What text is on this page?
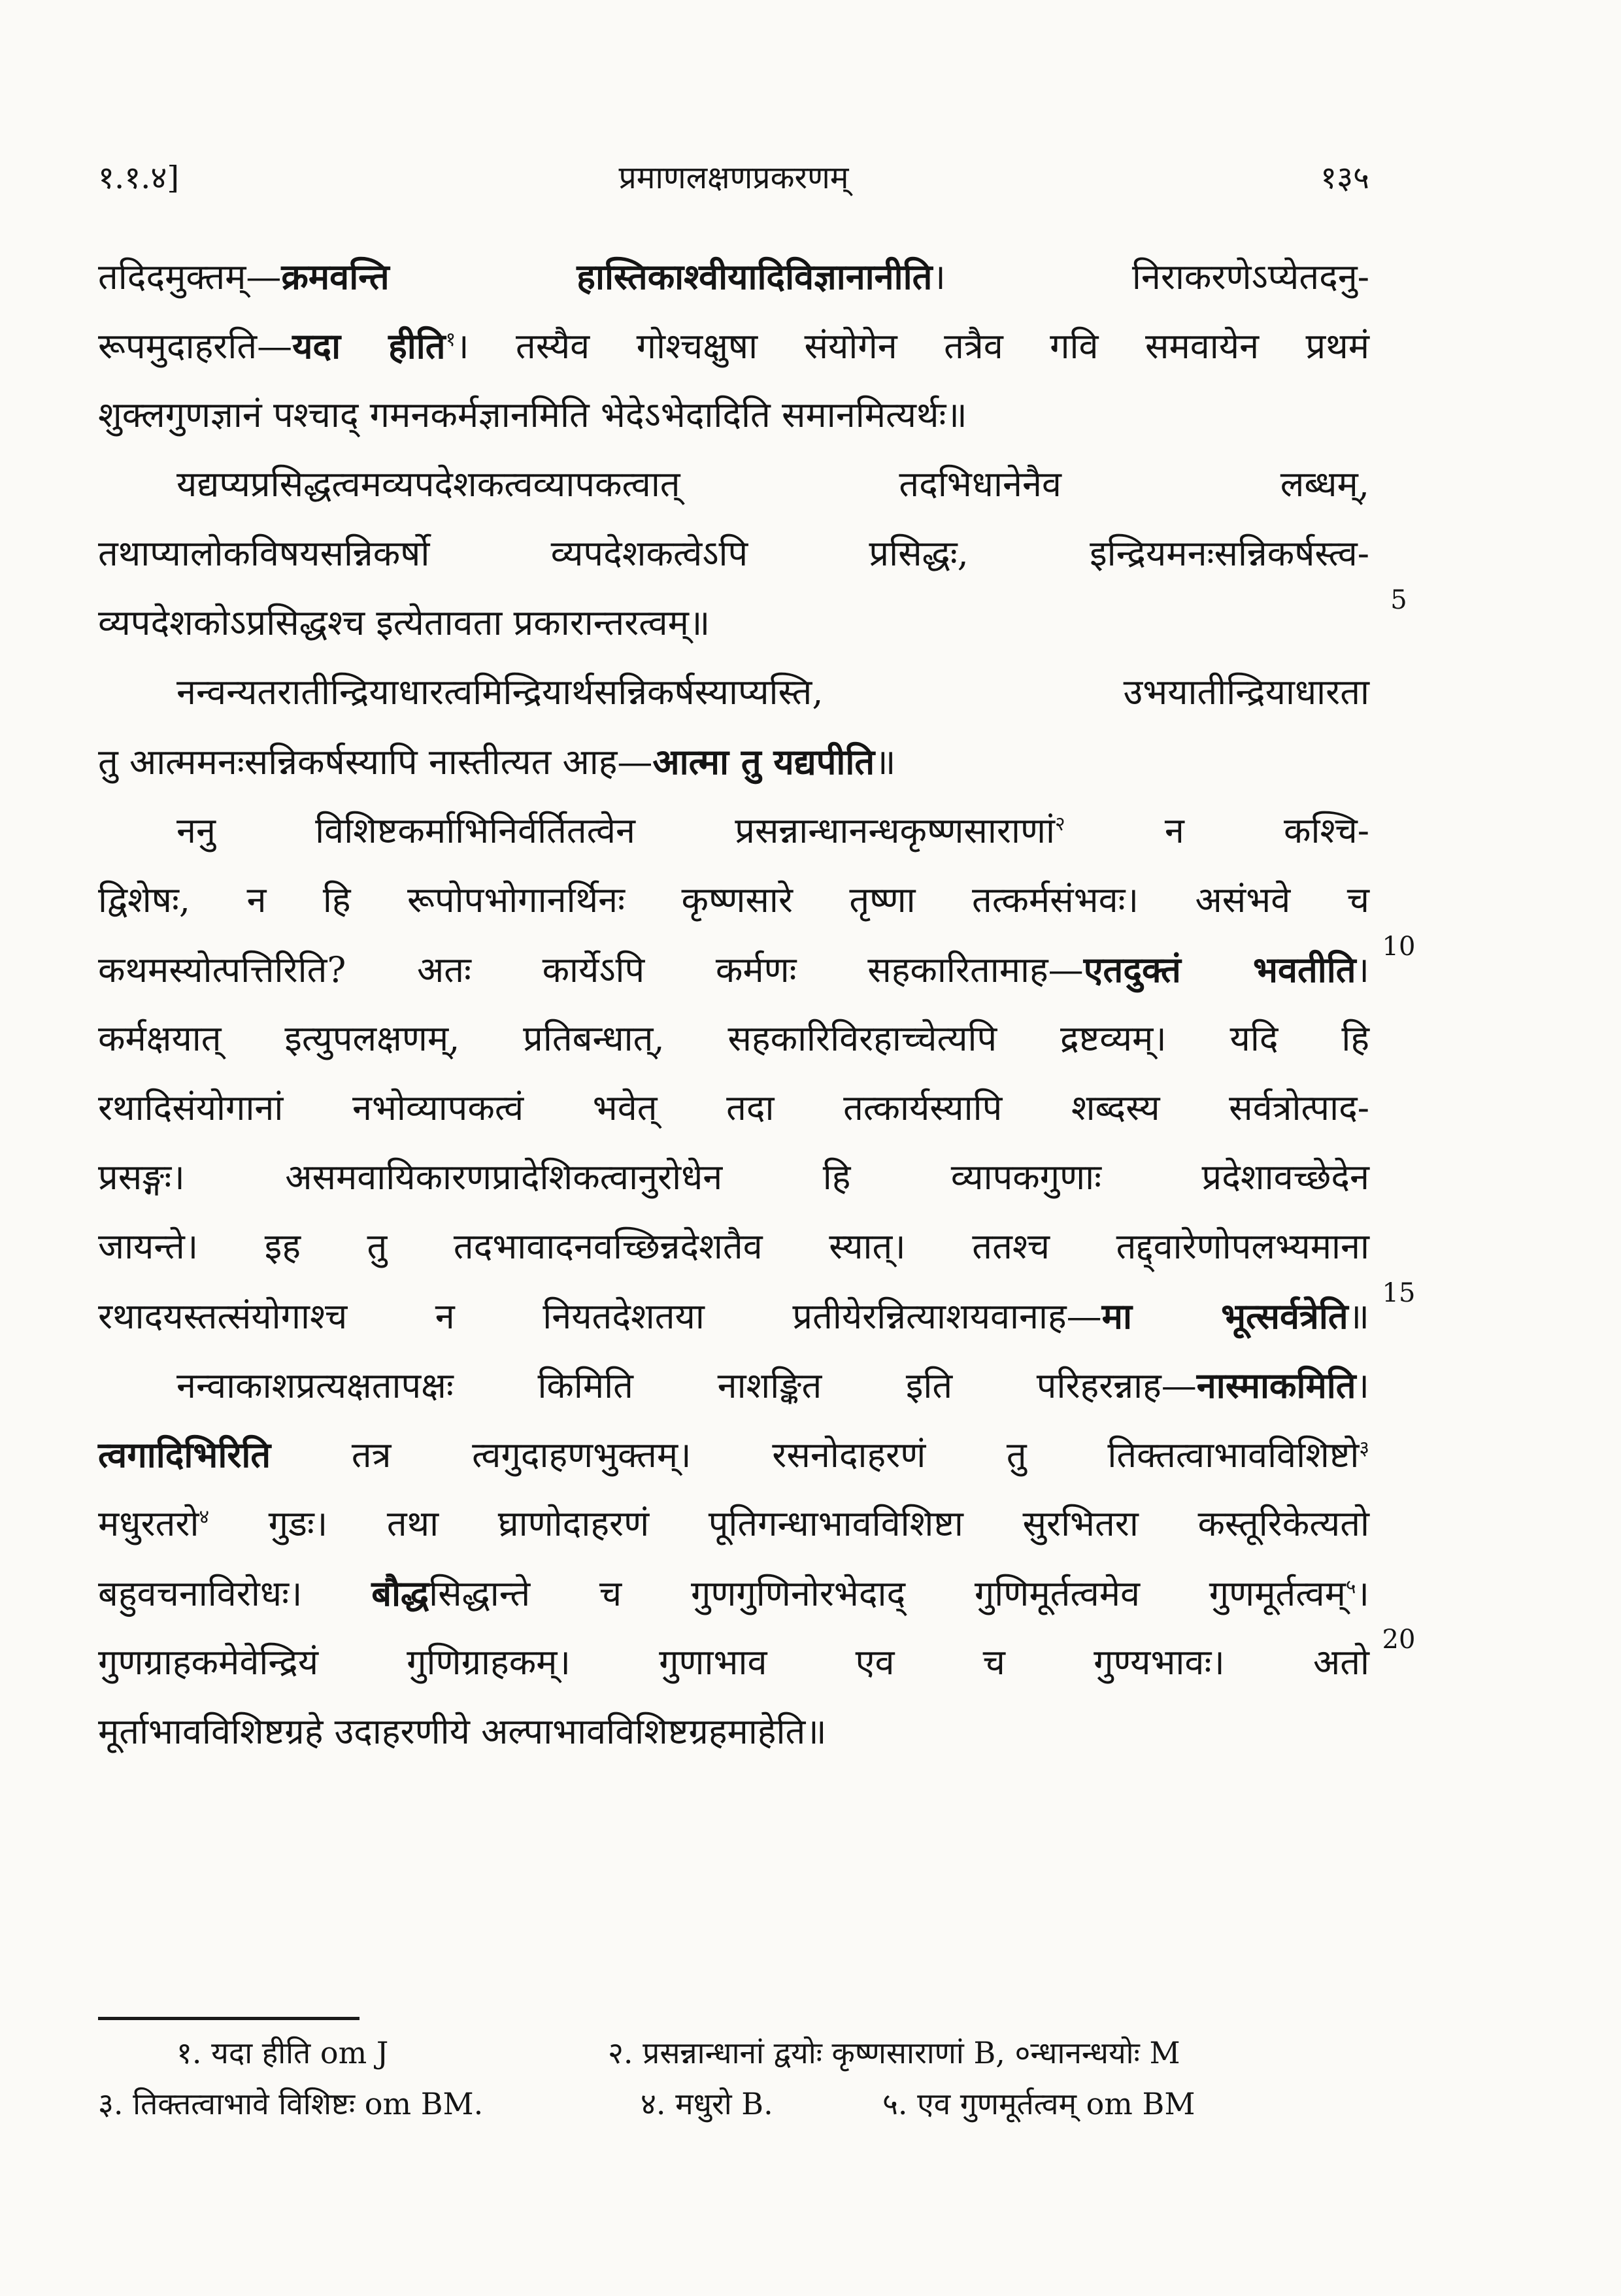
१.१.४]	प्रमाणलक्षणप्रकरणम्	१३५
तदिदमुक्तम्—क्रमवन्ति हास्तिकाश्वीयादिविज्ञानानीति। निराकरणेऽप्येतदनु-
रूपमुदाहरति—यदा हीति$^१$। तस्यैव गोश्चक्षुषा संयोगेन तत्रैव गवि समवायेन प्रथमं
शुक्लगुणज्ञानं पश्चाद् गमनकर्मज्ञानमिति भेदेऽभेदादिति समानमित्यर्थः॥
यद्यप्यप्रसिद्धत्वमव्यपदेशकत्वव्यापकत्वात् तदभिधानेनैव लब्धम्,
तथाप्यालोकविषयसन्निकर्षो व्यपदेशकत्वेऽपि प्रसिद्धः, इन्द्रियमनःसन्निकर्षस्त्व-
व्यपदेशकोऽप्रसिद्धश्च इत्येतावता प्रकारान्तरत्वम्॥
नन्वन्यतरातीन्द्रियाधारत्वमिन्द्रियार्थसन्निकर्षस्याप्यस्ति, उभयातीन्द्रियाधारता
तु आत्ममनःसन्निकर्षस्यापि नास्तीत्यत आह—आत्मा तु यद्यपीति॥
ननु विशिष्टकर्माभिनिर्वर्तितत्वेन प्रसन्नान्धानन्धकृष्णसाराणां$^२$ न कश्चि-
द्विशेषः, न हि रूपोपभोगानर्थिनः कृष्णसारे तृष्णा तत्कर्मसंभवः। असंभवे च
कथमस्योत्पत्तिरिति? अतः कार्येऽपि कर्मणः सहकारितामाह—एतदुक्तं भवतीति।
कर्मक्षयात् इत्युपलक्षणम्, प्रतिबन्धात्, सहकारिविरहाच्चेत्यपि द्रष्टव्यम्। यदि हि
रथादिसंयोगानां नभोव्यापकत्वं भवेत् तदा तत्कार्यस्यापि शब्दस्य सर्वत्रोत्पाद-
प्रसङ्गः। असमवायिकारणप्रादेशिकत्वानुरोधेन हि व्यापकगुणाः प्रदेशावच्छेदेन
जायन्ते। इह तु तदभावादनवच्छिन्नदेशतैव स्यात्। ततश्च तद्द्वारेणोपलभ्यमाना
रथादयस्तत्संयोगाश्च न नियतदेशतया प्रतीयेरन्नित्याशयवानाह—मा भूत्सर्वत्रेति॥
नन्वाकाशप्रत्यक्षतापक्षः किमिति नाशङ्कित इति परिहरन्नाह—नास्माकमिति।
त्वगादिभिरिति तत्र त्वगुदाहणभुक्तम्। रसनोदाहरणं तु तिक्तत्वाभावविशिष्टो$^३$
मधुरतरो$^४$ गुडः। तथा घ्राणोदाहरणं पूतिगन्धाभावविशिष्टा सुरभितरा कस्तूरिकेत्यतो
बहुवचनाविरोधः। बौद्धसिद्धान्ते च गुणगुणिनोरभेदाद् गुणिमूर्तत्वमेव गुणमूर्तत्वम्$^५$।
गुणग्राहकमेवेन्द्रियं गुणिग्राहकम्। गुणाभाव एव च गुण्यभावः। अतो
मूर्ताभावविशिष्टग्रहे उदाहरणीये अल्पाभावविशिष्टग्रहमाहेति॥
5
10
15
20
१. यदा हीति om J	२. प्रसन्नान्धानां द्वयोः कृष्णसाराणां B, ०न्धानन्धयोः M
३. तिक्तत्वाभावे विशिष्टः om BM.	४. मधुरो B.	५. एव गुणमूर्तत्वम् om BM
